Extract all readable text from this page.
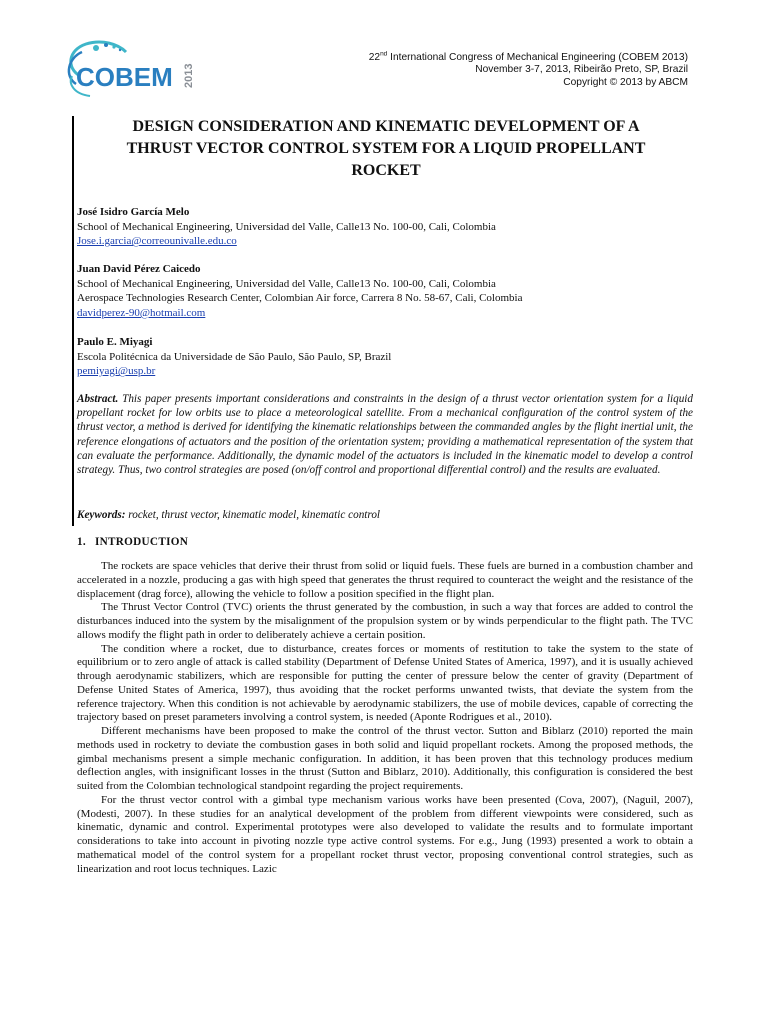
COBEM 2013
22nd International Congress of Mechanical Engineering (COBEM 2013)
November 3-7, 2013, Ribeirão Preto, SP, Brazil
Copyright © 2013 by ABCM
DESIGN CONSIDERATION AND KINEMATIC DEVELOPMENT OF A
THRUST VECTOR CONTROL SYSTEM FOR A LIQUID PROPELLANT
ROCKET
José Isidro García Melo
School of Mechanical Engineering, Universidad del Valle, Calle13 No. 100-00, Cali, Colombia
Jose.i.garcia@correounivalle.edu.co
Juan David Pérez Caicedo
School of Mechanical Engineering, Universidad del Valle, Calle13 No. 100-00, Cali, Colombia
Aerospace Technologies Research Center, Colombian Air force, Carrera 8 No. 58-67, Cali, Colombia
davidperez-90@hotmail.com
Paulo E. Miyagi
Escola Politécnica da Universidade de São Paulo, São Paulo, SP, Brazil
pemiyagi@usp.br

Abstract. This paper presents important considerations and constraints in the design of a thrust vector orientation system for a liquid propellant rocket for low orbits use to place a meteorological satellite. From a mechanical configuration of the control system of the thrust vector, a method is derived for identifying the kinematic relationships between the commanded angles by the flight inertial unit, the reference elongations of actuators and the position of the orientation system; providing a mathematical representation of the system that can evaluate the performance. Additionally, the dynamic model of the actuators is included in the kinematic model to develop a control strategy. Thus, two control strategies are posed (on/off control and proportional differential control) and the results are evaluated.

Keywords: rocket, thrust vector, kinematic model, kinematic control

1. INTRODUCTION

The rockets are space vehicles that derive their thrust from solid or liquid fuels. These fuels are burned in a combustion chamber and accelerated in a nozzle, producing a gas with high speed that generates the thrust required to counteract the weight and the resistance of the displacement (drag force), allowing the vehicle to follow a position specified in the flight plan.

The Thrust Vector Control (TVC) orients the thrust generated by the combustion, in such a way that forces are added to control the disturbances induced into the system by the misalignment of the propulsion system or by winds perpendicular to the flight path. The TVC allows modify the flight path in order to deliberately achieve a certain position.

The condition where a rocket, due to disturbance, creates forces or moments of restitution to take the system to the state of equilibrium or to zero angle of attack is called stability (Department of Defense United States of America, 1997), and it is usually achieved through aerodynamic stabilizers, which are responsible for putting the center of pressure below the center of gravity (Department of Defense United States of America, 1997), thus avoiding that the rocket performs unwanted twists, that deviate the system from the reference trajectory. When this condition is not achievable by aerodynamic stabilizers, the use of mobile devices, capable of correcting the trajectory based on preset parameters involving a control system, is needed (Aponte Rodrigues et al., 2010).

Different mechanisms have been proposed to make the control of the thrust vector. Sutton and Biblarz (2010) reported the main methods used in rocketry to deviate the combustion gases in both solid and liquid propellant rockets. Among the proposed methods, the gimbal mechanisms present a simple mechanic configuration. In addition, it has been proven that this technology produces medium deflection angles, with insignificant losses in the thrust (Sutton and Biblarz, 2010). Additionally, this configuration is considered the best suited from the Colombian technological standpoint regarding the project requirements.

For the thrust vector control with a gimbal type mechanism various works have been presented (Cova, 2007), (Naguil, 2007), (Modesti, 2007). In these studies for an analytical development of the problem from different viewpoints were considered, such as kinematic, dynamic and control. Experimental prototypes were also developed to validate the results and to formulate important considerations to take into account in pivoting nozzle type active control systems. For e.g., Jung (1993) presented a work to obtain a mathematical model of the control system for a propellant rocket thrust vector, proposing conventional control strategies, such as linearization and root locus techniques. Lazic
